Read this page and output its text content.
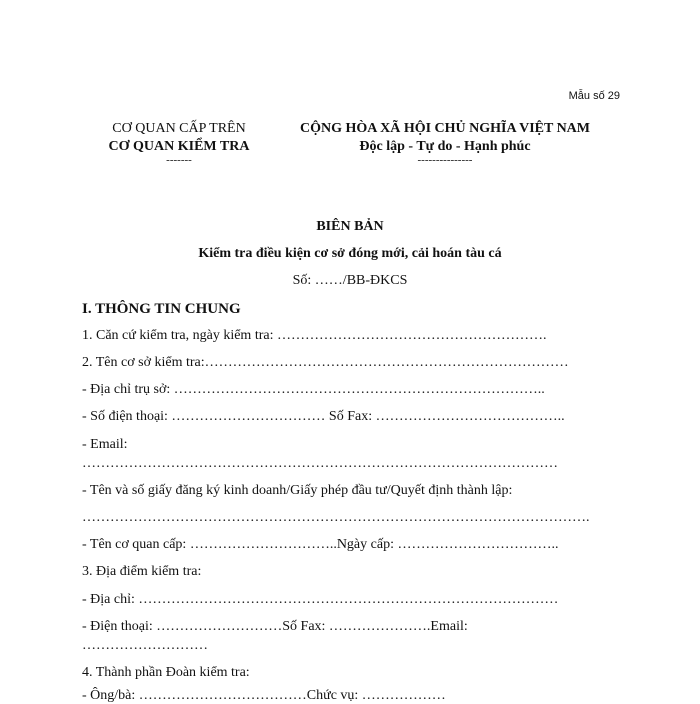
Mẫu số 29
CƠ QUAN CẤP TRÊN
CƠ QUAN KIỂM TRA
-------
CỘNG HÒA XÃ HỘI CHỦ NGHĨA VIỆT NAM
Độc lập - Tự do - Hạnh phúc
---------------
BIÊN BẢN
Kiểm tra điều kiện cơ sở đóng mới, cải hoán tàu cá
Số: ……/BB-ĐKCS
I. THÔNG TIN CHUNG
1. Căn cứ kiểm tra, ngày kiểm tra: ………………………………………………….
2. Tên cơ sở kiểm tra:……………………………………………………………………
- Địa chỉ trụ sở: ……………………………………………………………………..
- Số điện thoại: …………………………… Số Fax: …………………………………..
- Email:
…………………………………………………………………………………………
- Tên và số giấy đăng ký kinh doanh/Giấy phép đầu tư/Quyết định thành lập:
……………………………………………………………………………………………….
- Tên cơ quan cấp: …………………………..Ngày cấp: ……………………………..
3. Địa điểm kiểm tra:
- Địa chỉ: ………………………………………………………………………………
- Điện thoại: ………………………Số Fax: ………………….Email:
………………………
4. Thành phần Đoàn kiểm tra:
- Ông/bà: ………………………………Chức vụ: ………………
